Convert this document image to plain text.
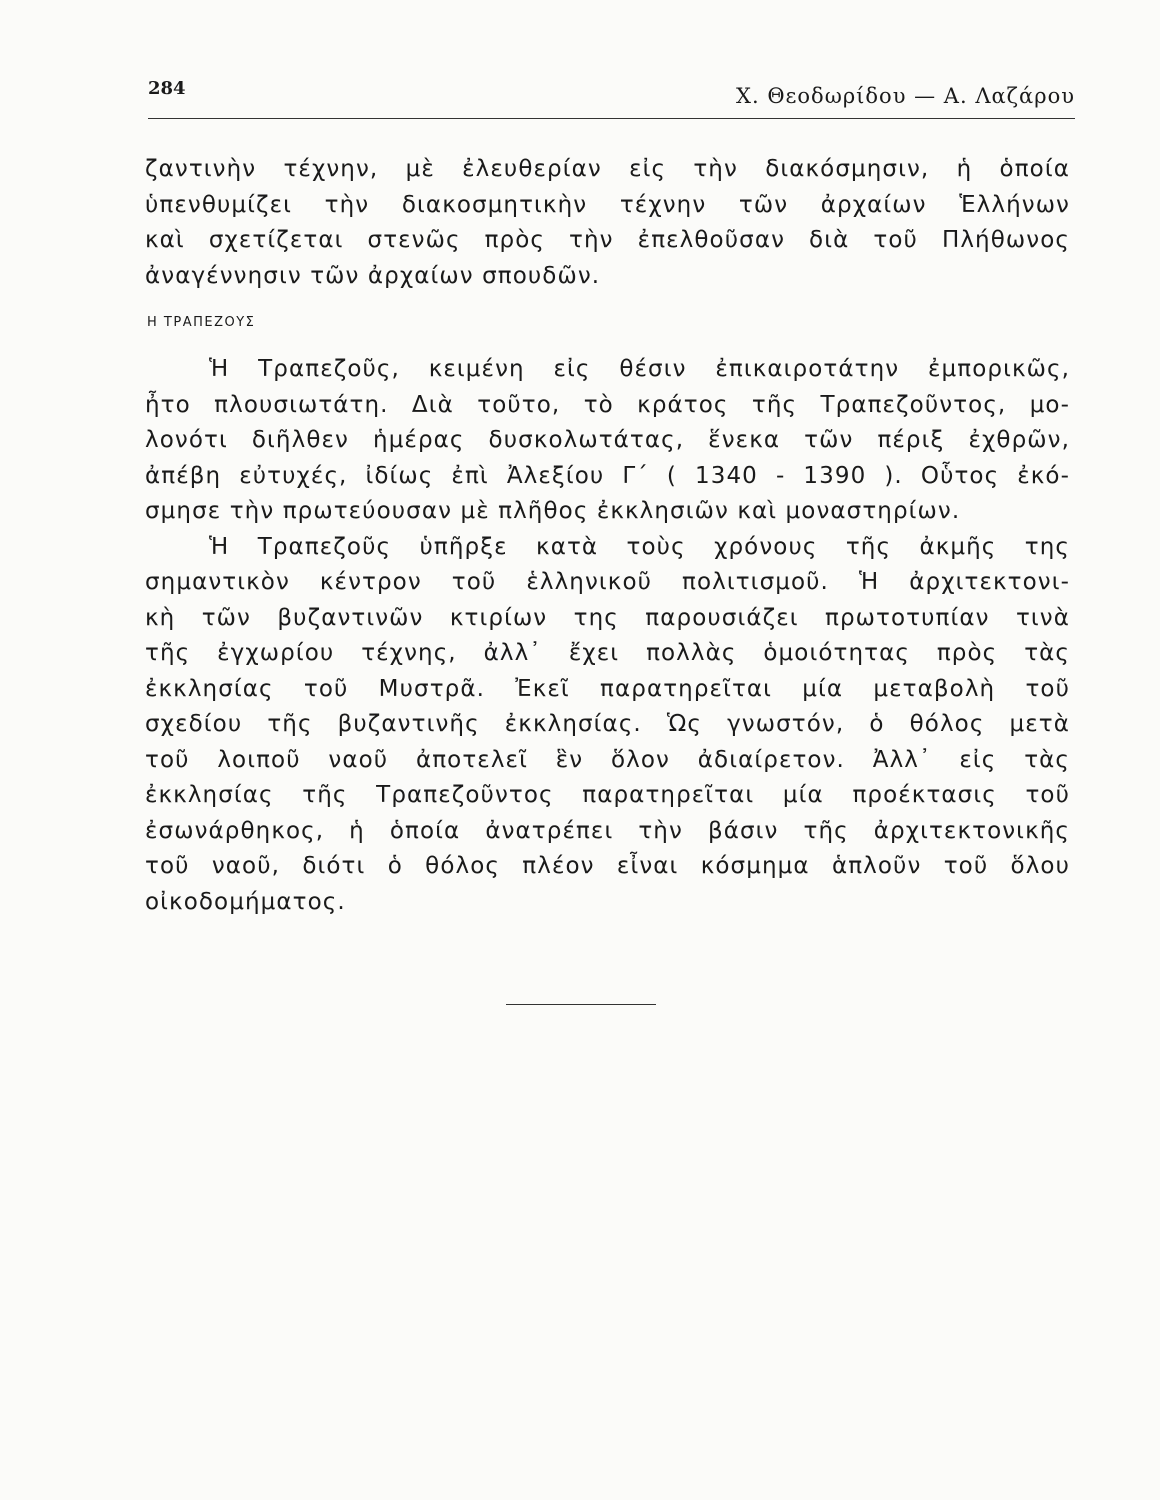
284	Χ. Θεοδωρίδου — Α. Λαζάρου
ζαντινὴν τέχνην, μὲ ἐλευθερίαν εἰς τὴν διακόσμησιν, ἡ ὁποία
ὑπενθυμίζει τὴν διακοσμητικὴν τέχνην τῶν ἀρχαίων Ἑλλήνων
καὶ σχετίζεται στενῶς πρὸς τὴν ἐπελθοῦσαν διὰ τοῦ Πλήθωνος
ἀναγέννησιν τῶν ἀρχαίων σπουδῶν.
Η ΤΡΑΠΕΖΟΥΣ
Ἡ Τραπεζοῦς, κειμένη εἰς θέσιν ἐπικαιροτάτην ἐμπορικῶς,
ἦτο πλουσιωτάτη. Διὰ τοῦτο, τὸ κράτος τῆς Τραπεζοῦντος, μο-
λονότι διῆλθεν ἡμέρας δυσκολωτάτας, ἕνεκα τῶν πέριξ ἐχθρῶν,
ἀπέβη εὐτυχές, ἰδίως ἐπὶ Ἀλεξίου Γ΄ ( 1340 - 1390 ). Οὗτος ἐκό-
σμησε τὴν πρωτεύουσαν μὲ πλῆθος ἐκκλησιῶν καὶ μοναστηρίων.
Ἡ Τραπεζοῦς ὑπῆρξε κατὰ τοὺς χρόνους τῆς ἀκμῆς της
σημαντικὸν κέντρον τοῦ ἑλληνικοῦ πολιτισμοῦ. Ἡ ἀρχιτεκτονι-
κὴ τῶν βυζαντινῶν κτιρίων της παρουσιάζει πρωτοτυπίαν τινὰ
τῆς ἐγχωρίου τέχνης, ἀλλ᾽ ἔχει πολλὰς ὁμοιότητας πρὸς τὰς
ἐκκλησίας τοῦ Μυστρᾶ. Ἐκεῖ παρατηρεῖται μία μεταβολὴ τοῦ
σχεδίου τῆς βυζαντινῆς ἐκκλησίας. Ὡς γνωστόν, ὁ θόλος μετὰ
τοῦ λοιποῦ ναοῦ ἀποτελεῖ ἓν ὅλον ἀδιαίρετον. Ἀλλ᾽ εἰς τὰς
ἐκκλησίας τῆς Τραπεζοῦντος παρατηρεῖται μία προέκτασις τοῦ
ἐσωνάρθηκος, ἡ ὁποία ἀνατρέπει τὴν βάσιν τῆς ἀρχιτεκτονικῆς
τοῦ ναοῦ, διότι ὁ θόλος πλέον εἶναι κόσμημα ἁπλοῦν τοῦ ὅλου
οἰκοδομήματος.
